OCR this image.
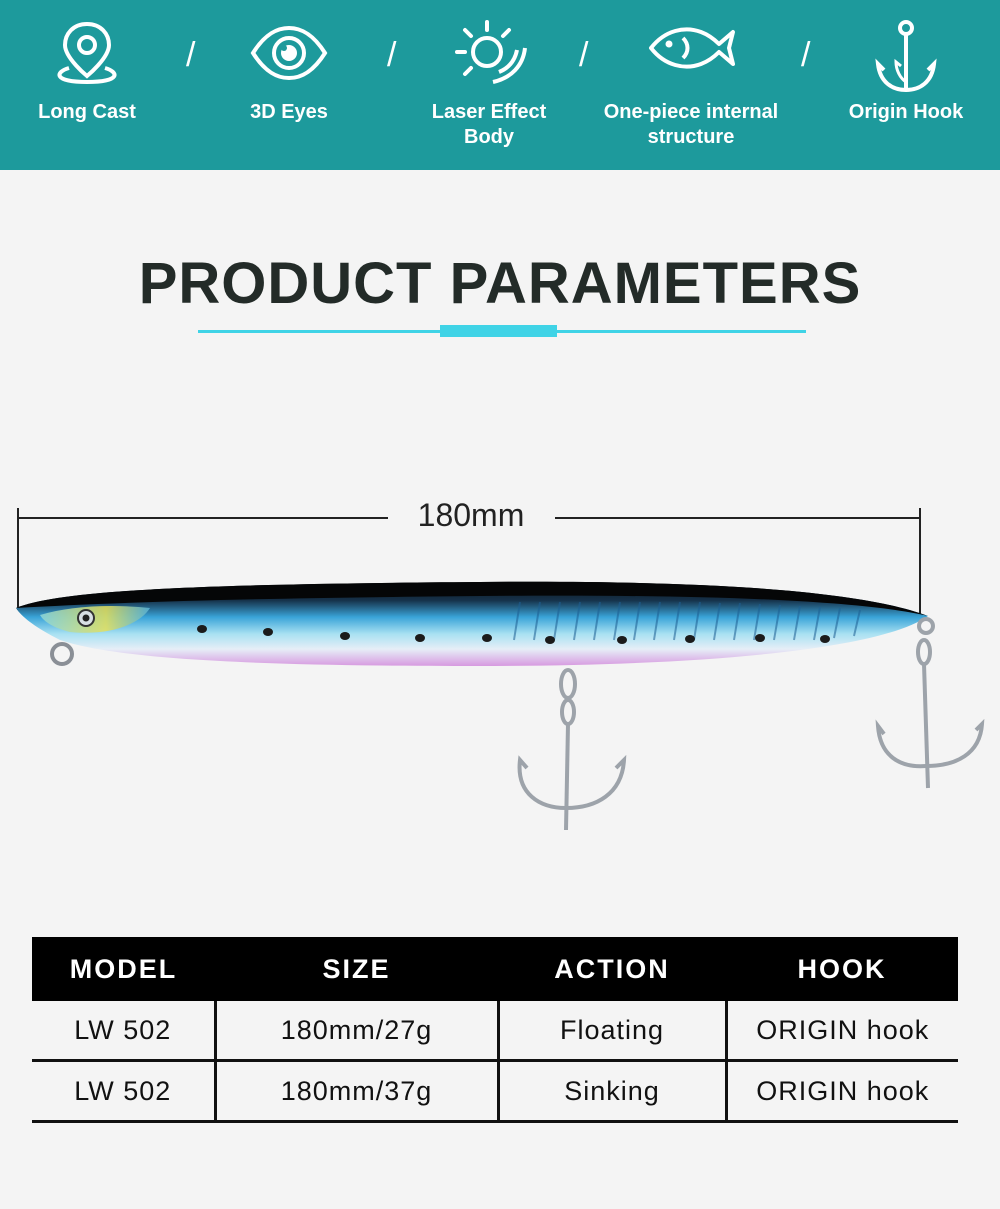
Long Cast
/
3D Eyes
/
Laser Effect
Body
/
One-piece internal
structure
/
Origin Hook
PRODUCT PARAMETERS
180mm
MODEL	SIZE	ACTION	HOOK
LW 502	180mm/27g	Floating	ORIGIN hook
LW 502	180mm/37g	Sinking	ORIGIN hook
